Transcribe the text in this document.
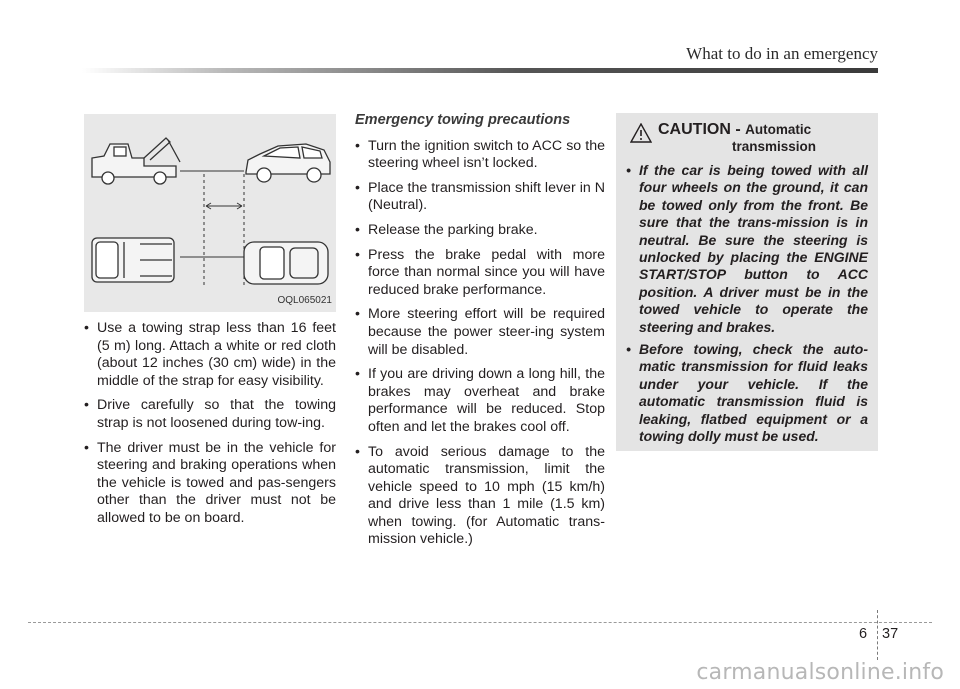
What to do in an emergency
OQL065021
• Use a towing strap less than 16 feet (5 m) long. Attach a white or red cloth (about 12 inches (30 cm) wide) in the middle of the strap for easy visibility.
• Drive carefully so that the towing strap is not loosened during tow-ing.
• The driver must be in the vehicle for steering and braking operations when the vehicle is towed and pas-sengers other than the driver must not be allowed to be on board.
Emergency towing precautions
• Turn the ignition switch to ACC so the steering wheel isn’t locked.
• Place the transmission shift lever in N (Neutral).
• Release the parking brake.
• Press the brake pedal with more force than normal since you will have reduced brake performance.
• More steering effort will be required because the power steer-ing system will be disabled.
• If you are driving down a long hill, the brakes may overheat and brake performance will be reduced. Stop often and let the brakes cool off.
• To avoid serious damage to the automatic transmission, limit the vehicle speed to 10 mph (15 km/h) and drive less than 1 mile (1.5 km) when towing. (for Automatic trans-mission vehicle.)
CAUTION - Automatic
transmission
• If the car is being towed with all four wheels on the ground, it can be towed only from the front. Be sure that the trans-mission is in neutral. Be sure the steering is unlocked by placing the ENGINE START/STOP button to ACC position. A driver must be in the towed vehicle to operate the steering and brakes.
• Before towing, check the auto-matic transmission for fluid leaks under your vehicle. If the automatic transmission fluid is leaking, flatbed equipment or a towing dolly must be used.
6 37
carmanualsonline.info
